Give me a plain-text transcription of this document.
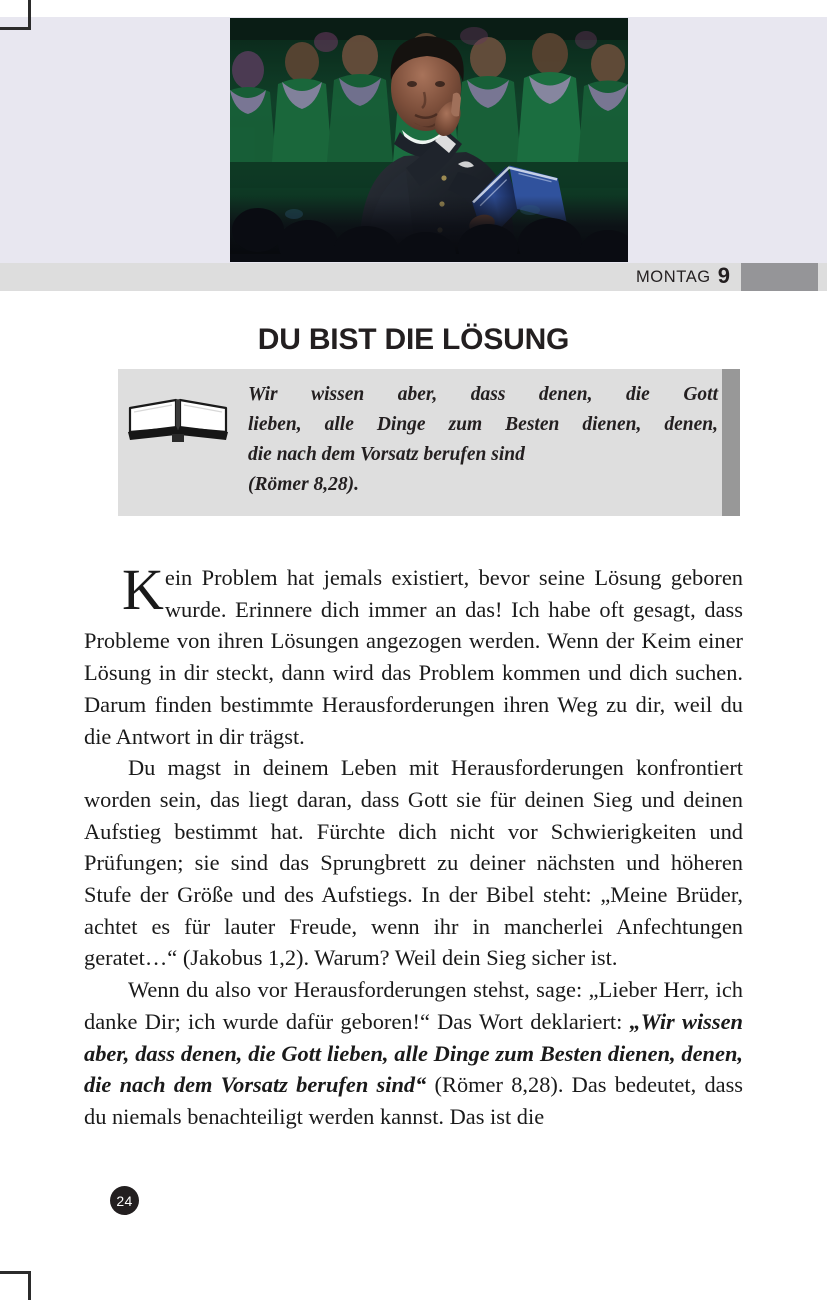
MONTAG 9
DU BIST DIE LÖSUNG
Wir wissen aber, dass denen, die Gott
lieben, alle Dinge zum Besten dienen, denen,
die nach dem Vorsatz berufen sind
(Römer 8,28).

Kein Problem hat jemals existiert, bevor seine Lösung geboren wurde. Erinnere dich immer an das! Ich habe oft gesagt, dass Probleme von ihren Lösungen angezogen werden. Wenn der Keim einer Lösung in dir steckt, dann wird das Problem kommen und dich suchen. Darum finden bestimmte Herausforderungen ihren Weg zu dir, weil du die Antwort in dir trägst.

Du magst in deinem Leben mit Herausforderungen konfrontiert worden sein, das liegt daran, dass Gott sie für deinen Sieg und deinen Aufstieg bestimmt hat. Fürchte dich nicht vor Schwierigkeiten und Prüfungen; sie sind das Sprungbrett zu deiner nächsten und höheren Stufe der Größe und des Aufstiegs. In der Bibel steht: „Meine Brüder, achtet es für lauter Freude, wenn ihr in mancherlei Anfechtungen geratet…“ (Jakobus 1,2). Warum? Weil dein Sieg sicher ist.

Wenn du also vor Herausforderungen stehst, sage: „Lieber Herr, ich danke Dir; ich wurde dafür geboren!“ Das Wort deklariert: „Wir wissen aber, dass denen, die Gott lieben, alle Dinge zum Besten dienen, denen, die nach dem Vorsatz berufen sind“ (Römer 8,28). Das bedeutet, dass du niemals benachteiligt werden kannst. Das ist die

24
